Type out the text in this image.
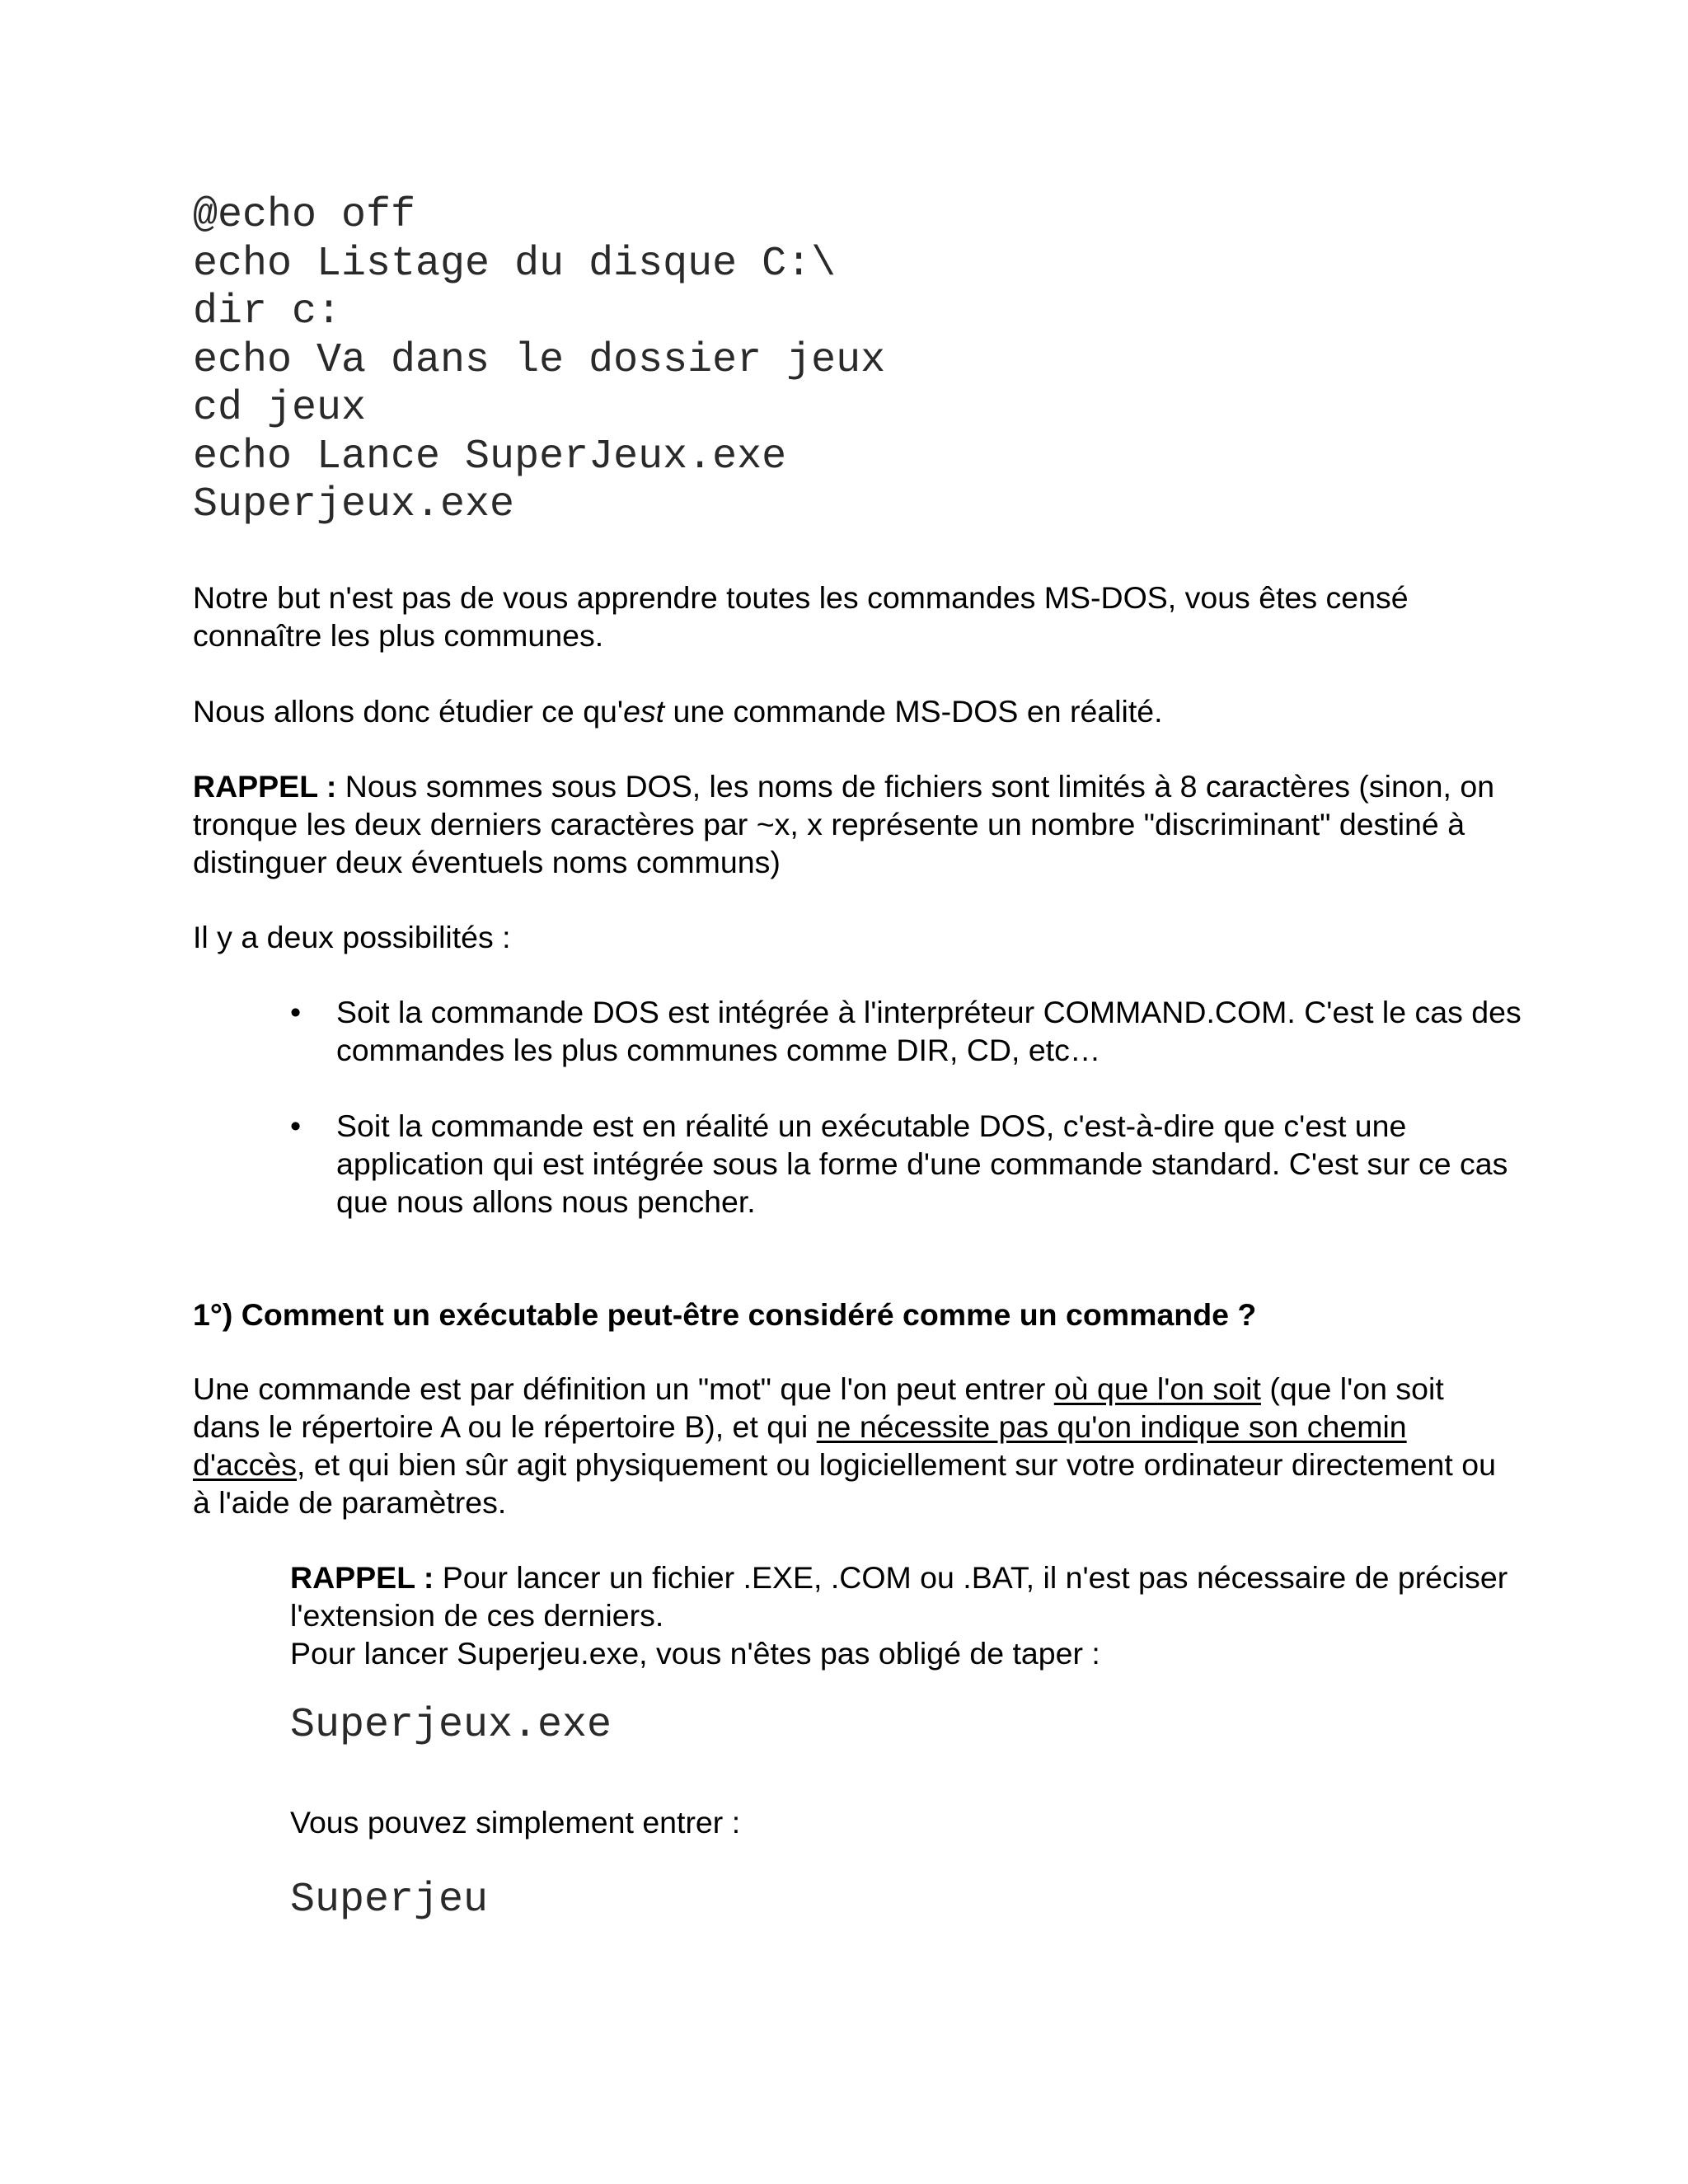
@echo off
echo Listage du disque C:\
dir c:
echo Va dans le dossier jeux
cd jeux
echo Lance SuperJeux.exe
Superjeux.exe

Notre but n'est pas de vous apprendre toutes les commandes MS-DOS, vous êtes censé connaître les plus communes.

Nous allons donc étudier ce qu'est une commande MS-DOS en réalité.

RAPPEL : Nous sommes sous DOS, les noms de fichiers sont limités à 8 caractères (sinon, on tronque les deux derniers caractères par ~x, x représente un nombre "discriminant" destiné à distinguer deux éventuels noms communs)

Il y a deux possibilités :

• Soit la commande DOS est intégrée à l'interpréteur COMMAND.COM. C'est le cas des commandes les plus communes comme DIR, CD, etc…
• Soit la commande est en réalité un exécutable DOS, c'est-à-dire que c'est une application qui est intégrée sous la forme d'une commande standard. C'est sur ce cas que nous allons nous pencher.
1°) Comment un exécutable peut-être considéré comme un commande ?

Une commande est par définition un "mot" que l'on peut entrer où que l'on soit (que l'on soit dans le répertoire A ou le répertoire B), et qui ne nécessite pas qu'on indique son chemin d'accès, et qui bien sûr agit physiquement ou logiciellement sur votre ordinateur directement ou à l'aide de paramètres.

RAPPEL : Pour lancer un fichier .EXE, .COM ou .BAT, il n'est pas nécessaire de préciser l'extension de ces derniers.
Pour lancer Superjeu.exe, vous n'êtes pas obligé de taper :
Superjeux.exe

Vous pouvez simplement entrer :

Superjeu
